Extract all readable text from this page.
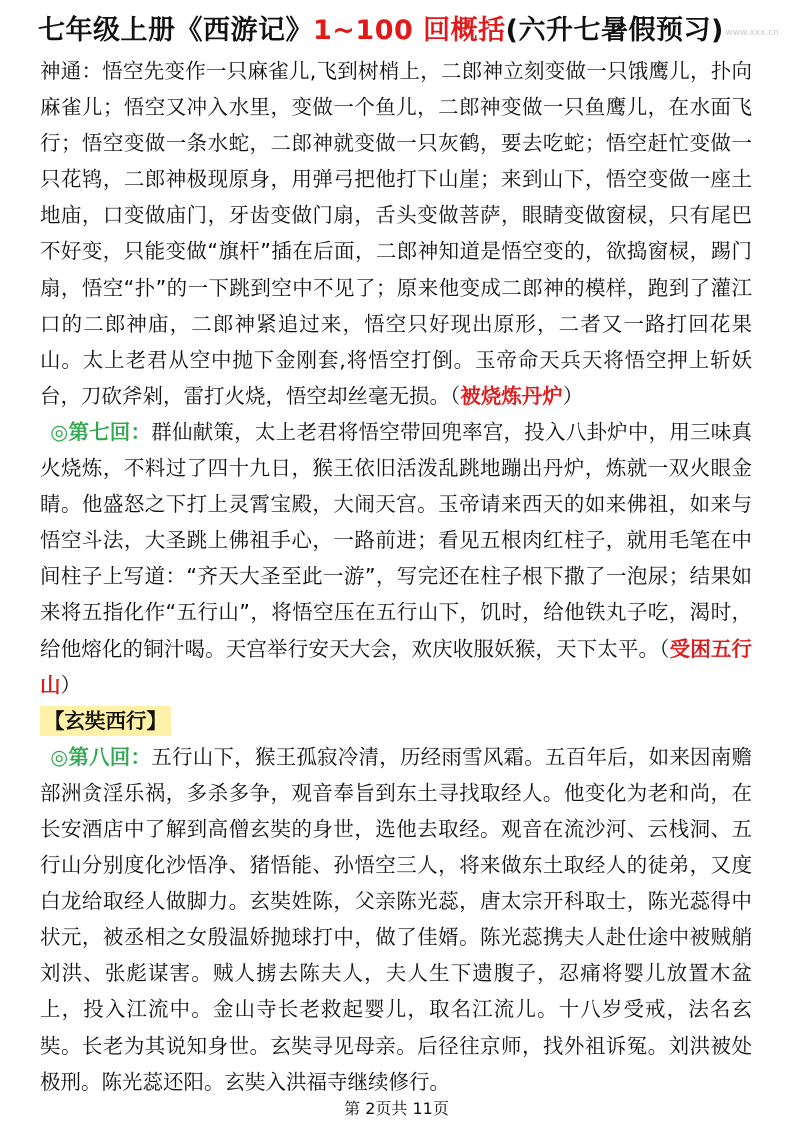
七年级上册《西游记》1~100 回概括(六升七暑假预习) www.xxx.cn

神通：悟空先变作一只麻雀儿,飞到树梢上，二郎神立刻变做一只饿鹰儿，扑向麻雀儿；悟空又冲入水里，变做一个鱼儿，二郎神变做一只鱼鹰儿，在水面飞行；悟空变做一条水蛇，二郎神就变做一只灰鹤，要去吃蛇；悟空赶忙变做一只花鸨，二郎神极现原身，用弹弓把他打下山崖；来到山下，悟空变做一座土地庙，口变做庙门，牙齿变做门扇，舌头变做菩萨，眼睛变做窗棂，只有尾巴不好变，只能变做“旗杆”插在后面，二郎神知道是悟空变的，欲捣窗棂，踢门扇，悟空“扑”的一下跳到空中不见了；原来他变成二郎神的模样，跑到了灌江口的二郎神庙，二郎神紧追过来，悟空只好现出原形，二者又一路打回花果山。太上老君从空中抛下金刚套,将悟空打倒。玉帝命天兵天将悟空押上斩妖台，刀砍斧剁，雷打火烧，悟空却丝毫无损。（被烧炼丹炉）

◎第七回：群仙献策，太上老君将悟空带回兜率宫，投入八卦炉中，用三味真火烧炼，不料过了四十九日，猴王依旧活泼乱跳地蹦出丹炉，炼就一双火眼金睛。他盛怒之下打上灵霄宝殿，大闹天宫。玉帝请来西天的如来佛祖，如来与悟空斗法，大圣跳上佛祖手心，一路前进；看见五根肉红柱子，就用毛笔在中间柱子上写道：“齐天大圣至此一游”，写完还在柱子根下撒了一泡尿；结果如来将五指化作“五行山”，将悟空压在五行山下，饥时，给他铁丸子吃，渴时，给他熔化的铜汁喝。天宫举行安天大会，欢庆收服妖猴，天下太平。（受困五行山）

【玄奘西行】

◎第八回：五行山下，猴王孤寂冷清，历经雨雪风霜。五百年后，如来因南赡部洲贪淫乐祸，多杀多争，观音奉旨到东土寻找取经人。他变化为老和尚，在长安酒店中了解到高僧玄奘的身世，选他去取经。观音在流沙河、云栈洞、五行山分别度化沙悟净、猪悟能、孙悟空三人，将来做东土取经人的徒弟，又度白龙给取经人做脚力。玄奘姓陈，父亲陈光蕊，唐太宗开科取士，陈光蕊得中状元，被丞相之女殷温娇抛球打中，做了佳婿。陈光蕊携夫人赴仕途中被贼艄刘洪、张彪谋害。贼人掳去陈夫人，夫人生下遗腹子，忍痛将婴儿放置木盆上，投入江流中。金山寺长老救起婴儿，取名江流儿。十八岁受戒，法名玄奘。长老为其说知身世。玄奘寻见母亲。后径往京师，找外祖诉冤。刘洪被处极刑。陈光蕊还阳。玄奘入洪福寺继续修行。

第 2页共 11页
